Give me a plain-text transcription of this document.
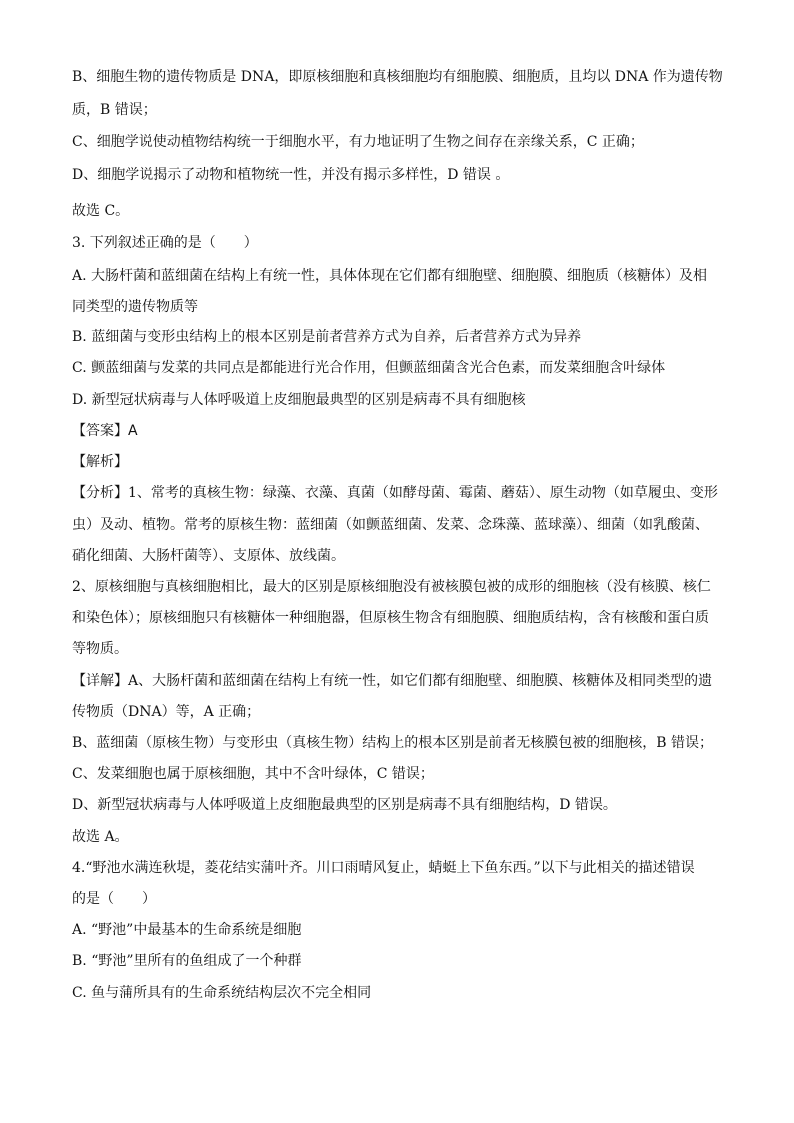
B、细胞生物的遗传物质是 DNA，即原核细胞和真核细胞均有细胞膜、细胞质，且均以 DNA 作为遗传物
质，B 错误；
C、细胞学说使动植物结构统一于细胞水平，有力地证明了生物之间存在亲缘关系，C 正确；
D、细胞学说揭示了动物和植物统一性，并没有揭示多样性，D 错误 。
故选 C。
3. 下列叙述正确的是（　　）
A. 大肠杆菌和蓝细菌在结构上有统一性，具体体现在它们都有细胞壁、细胞膜、细胞质（核糖体）及相
同类型的遗传物质等
B. 蓝细菌与变形虫结构上的根本区别是前者营养方式为自养，后者营养方式为异养
C. 颤蓝细菌与发菜的共同点是都能进行光合作用，但颤蓝细菌含光合色素，而发菜细胞含叶绿体
D. 新型冠状病毒与人体呼吸道上皮细胞最典型的区别是病毒不具有细胞核
【答案】A
【解析】
【分析】1、常考的真核生物：绿藻、衣藻、真菌（如酵母菌、霉菌、蘑菇）、原生动物（如草履虫、变形
虫）及动、植物。常考的原核生物：蓝细菌（如颤蓝细菌、发菜、念珠藻、蓝球藻）、细菌（如乳酸菌、
硝化细菌、大肠杆菌等）、支原体、放线菌。
2、原核细胞与真核细胞相比，最大的区别是原核细胞没有被核膜包被的成形的细胞核（没有核膜、核仁
和染色体）；原核细胞只有核糖体一种细胞器，但原核生物含有细胞膜、细胞质结构，含有核酸和蛋白质
等物质。
【详解】A、大肠杆菌和蓝细菌在结构上有统一性，如它们都有细胞壁、细胞膜、核糖体及相同类型的遗
传物质（DNA）等，A 正确；
B、蓝细菌（原核生物）与变形虫（真核生物）结构上的根本区别是前者无核膜包被的细胞核，B 错误；
C、发菜细胞也属于原核细胞，其中不含叶绿体，C 错误；
D、新型冠状病毒与人体呼吸道上皮细胞最典型的区别是病毒不具有细胞结构，D 错误。
故选 A。
4.“野池水满连秋堤，菱花结实蒲叶齐。川口雨晴风复止，蜻蜓上下鱼东西。”以下与此相关的描述错误
的是（　　）
A. “野池”中最基本的生命系统是细胞
B. “野池”里所有的鱼组成了一个种群
C. 鱼与蒲所具有的生命系统结构层次不完全相同
